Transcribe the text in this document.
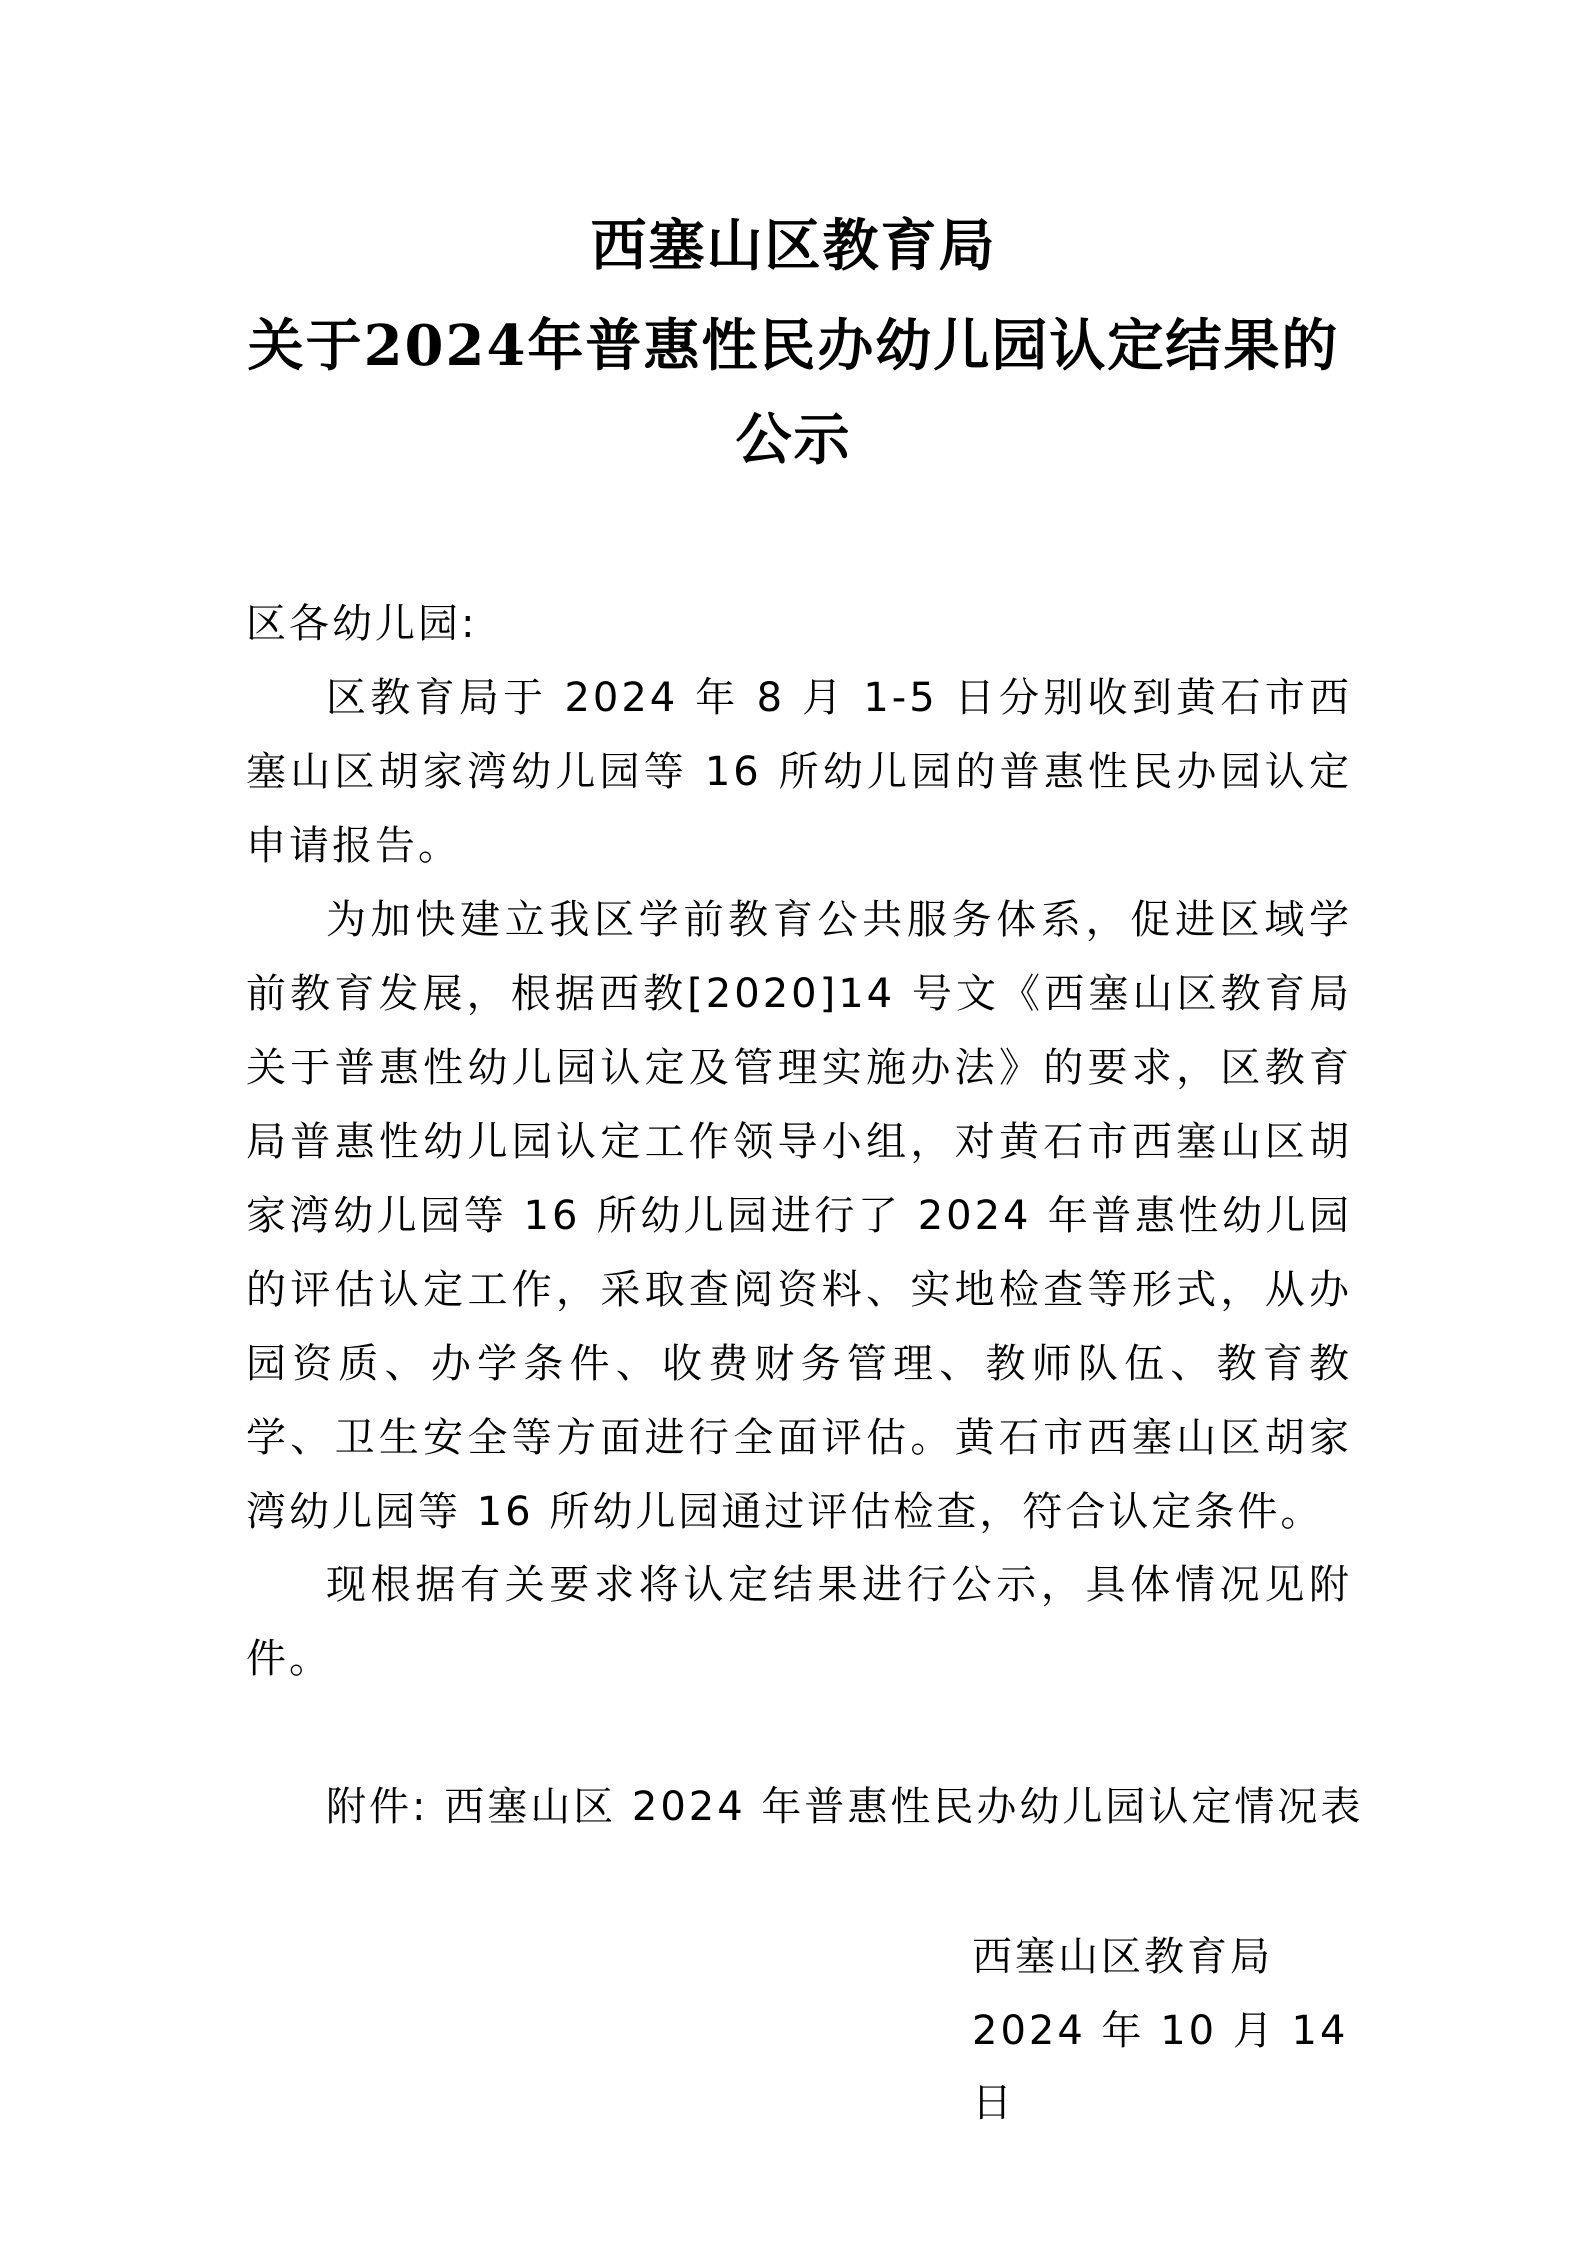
西塞山区教育局
关于2024年普惠性民办幼儿园认定结果的
公示

区各幼儿园:

区教育局于 2024 年 8 月 1-5 日分别收到黄石市西塞山区胡家湾幼儿园等 16 所幼儿园的普惠性民办园认定申请报告。

为加快建立我区学前教育公共服务体系，促进区域学前教育发展，根据西教[2020]14 号文《西塞山区教育局关于普惠性幼儿园认定及管理实施办法》的要求，区教育局普惠性幼儿园认定工作领导小组，对黄石市西塞山区胡家湾幼儿园等 16 所幼儿园进行了 2024 年普惠性幼儿园的评估认定工作，采取查阅资料、实地检查等形式，从办园资质、办学条件、收费财务管理、教师队伍、教育教学、卫生安全等方面进行全面评估。黄石市西塞山区胡家湾幼儿园等 16 所幼儿园通过评估检查，符合认定条件。

现根据有关要求将认定结果进行公示，具体情况见附件。

附件: 西塞山区 2024 年普惠性民办幼儿园认定情况表

西塞山区教育局

2024 年 10 月 14 日
